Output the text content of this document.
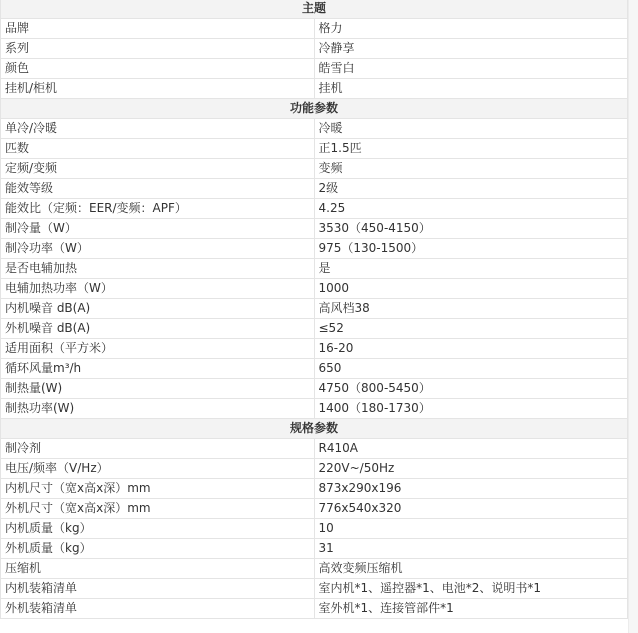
主题	
品牌	格力
系列	冷静享
颜色	皓雪白
挂机/柜机	挂机
功能参数	
单冷/冷暖	冷暖
匹数	正1.5匹
定频/变频	变频
能效等级	2级
能效比（定频：EER/变频：APF）	4.25
制冷量（W）	3530（450-4150）
制冷功率（W）	975（130-1500）
是否电辅加热	是
电辅加热功率（W）	1000
内机噪音 dB(A)	高风档38
外机噪音 dB(A)	≤52
适用面积（平方米）	16-20
循环风量m³/h	650
制热量(W)	4750（800-5450）
制热功率(W)	1400（180-1730）
规格参数	
制冷剂	R410A
电压/频率（V/Hz）	220V~/50Hz
内机尺寸（宽x高x深）mm	873x290x196
外机尺寸（宽x高x深）mm	776x540x320
内机质量（kg）	10
外机质量（kg）	31
压缩机	高效变频压缩机
内机装箱清单	室内机*1、遥控器*1、电池*2、说明书*1
外机装箱清单	室外机*1、连接管部件*1
